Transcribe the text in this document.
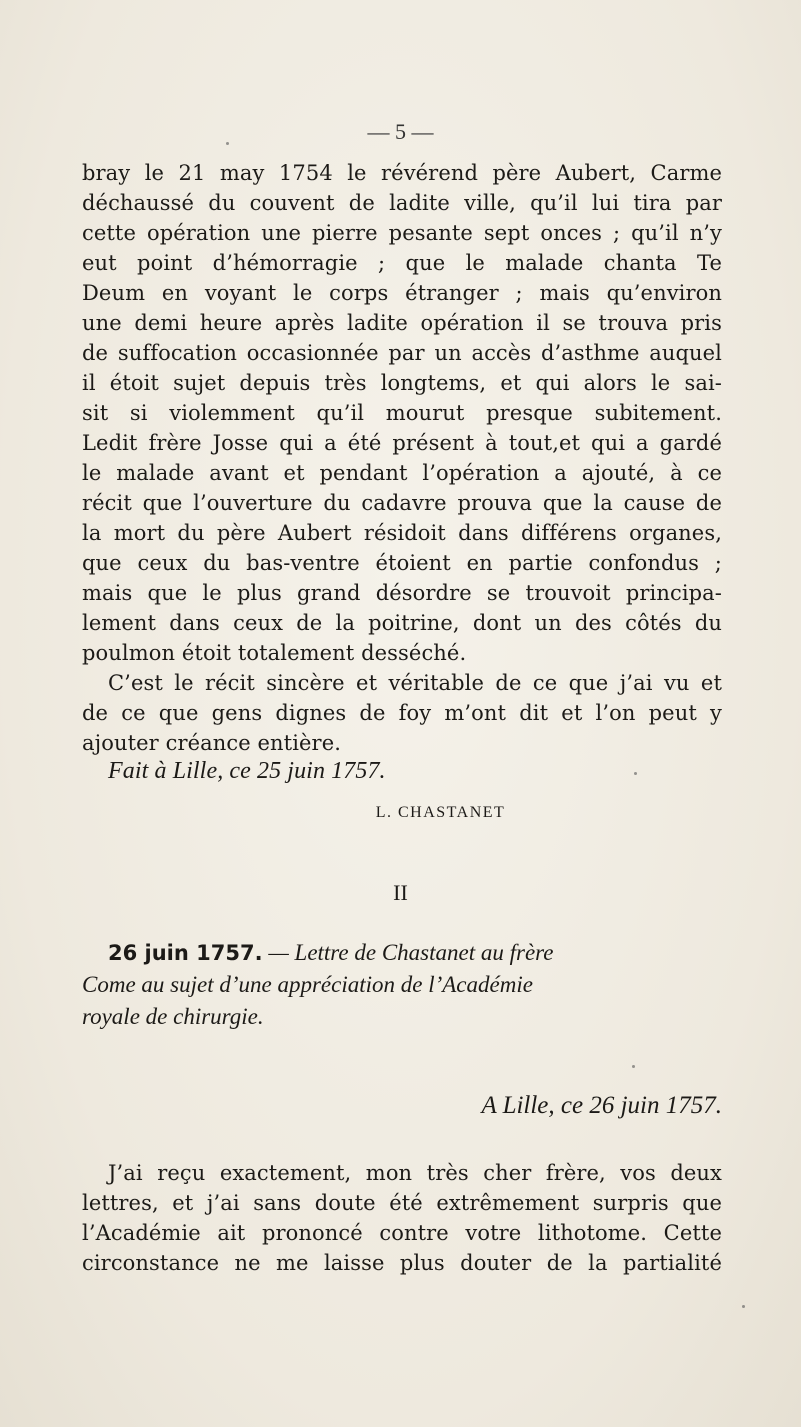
— 5 —
bray le 21 may 1754 le révérend père Aubert, Carme
déchaussé du couvent de ladite ville, qu’il lui tira par
cette opération une pierre pesante sept onces ; qu’il n’y
eut point d’hémorragie ; que le malade chanta Te
Deum en voyant le corps étranger ; mais qu’environ
une demi heure après ladite opération il se trouva pris
de suffocation occasionnée par un accès d’asthme auquel
il étoit sujet depuis très longtems, et qui alors le sai-
sit si violemment qu’il mourut presque subitement.
Ledit frère Josse qui a été présent à tout,et qui a gardé
le malade avant et pendant l’opération a ajouté, à ce
récit que l’ouverture du cadavre prouva que la cause de
la mort du père Aubert résidoit dans différens organes,
que ceux du bas-ventre étoient en partie confondus ;
mais que le plus grand désordre se trouvoit principa-
lement dans ceux de la poitrine, dont un des côtés du
poulmon étoit totalement desséché.
C’est le récit sincère et véritable de ce que j’ai vu et
de ce que gens dignes de foy m’ont dit et l’on peut y
ajouter créance entière.
Fait à Lille, ce 25 juin 1757.
L. CHASTANET
II
26 juin 1757. — Lettre de Chastanet au frère
Come au sujet d’une appréciation de l’Académie
royale de chirurgie.
A Lille, ce 26 juin 1757.
J’ai reçu exactement, mon très cher frère, vos deux
lettres, et j’ai sans doute été extrêmement surpris que
l’Académie ait prononcé contre votre lithotome. Cette
circonstance ne me laisse plus douter de la partialité
